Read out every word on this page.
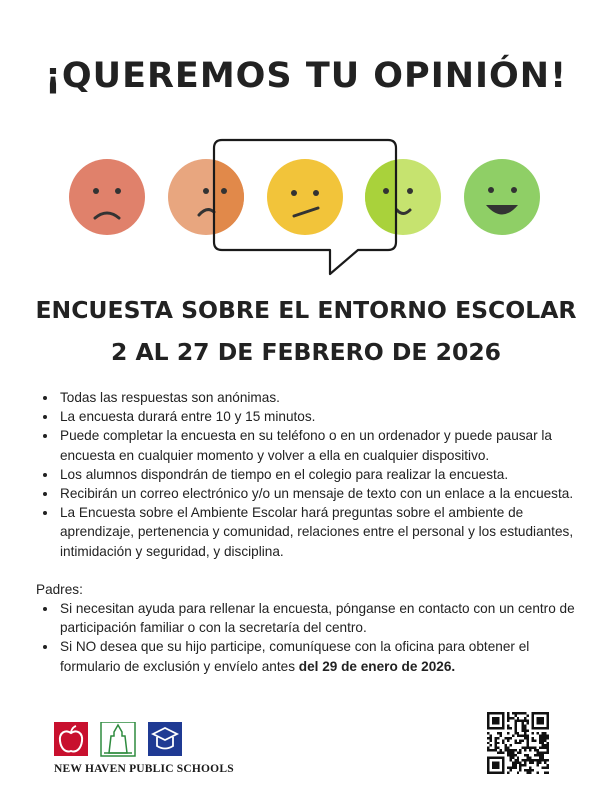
¡QUEREMOS TU OPINIÓN!
ENCUESTA SOBRE EL ENTORNO ESCOLAR
2 AL 27 DE FEBRERO DE 2026
• Todas las respuestas son anónimas.
• La encuesta durará entre 10 y 15 minutos.
• Puede completar la encuesta en su teléfono o en un ordenador y puede pausar la encuesta en cualquier momento y volver a ella en cualquier dispositivo.
• Los alumnos dispondrán de tiempo en el colegio para realizar la encuesta.
• Recibirán un correo electrónico y/o un mensaje de texto con un enlace a la encuesta.
• La Encuesta sobre el Ambiente Escolar hará preguntas sobre el ambiente de aprendizaje, pertenencia y comunidad, relaciones entre el personal y los estudiantes, intimidación y seguridad, y disciplina.
Padres:
• Si necesitan ayuda para rellenar la encuesta, pónganse en contacto con un centro de participación familiar o con la secretaría del centro.
• Si NO desea que su hijo participe, comuníquese con la oficina para obtener el formulario de exclusión y envíelo antes del 29 de enero de 2026.
NEW HAVEN PUBLIC SCHOOLS
